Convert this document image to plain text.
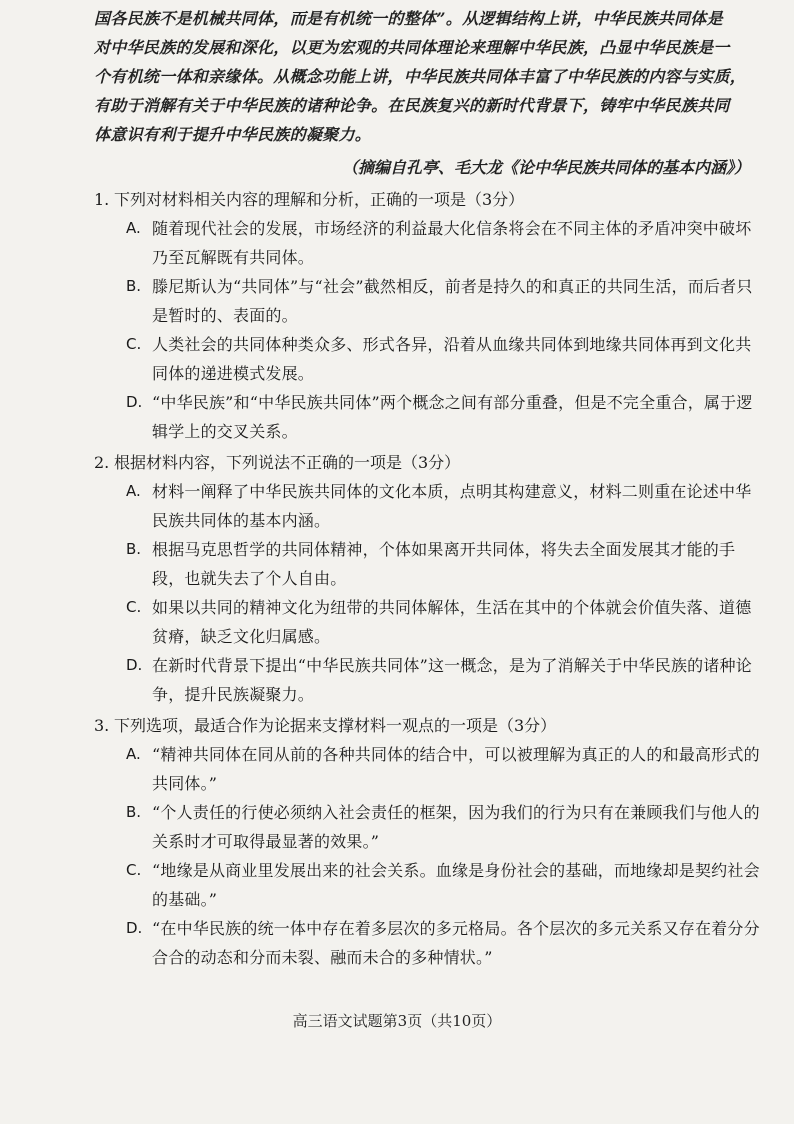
国各民族不是机械共同体，而是有机统一的整体”。从逻辑结构上讲，中华民族共同体是
对中华民族的发展和深化，以更为宏观的共同体理论来理解中华民族，凸显中华民族是一
个有机统一体和亲缘体。从概念功能上讲，中华民族共同体丰富了中华民族的内容与实质，
有助于消解有关于中华民族的诸种论争。在民族复兴的新时代背景下，铸牢中华民族共同
体意识有利于提升中华民族的凝聚力。
（摘编自孔亭、毛大龙《论中华民族共同体的基本内涵》）
1. 下列对材料相关内容的理解和分析，正确的一项是（3分）
A. 随着现代社会的发展，市场经济的利益最大化信条将会在不同主体的矛盾冲突中破坏乃至瓦解既有共同体。
B. 滕尼斯认为“共同体”与“社会”截然相反，前者是持久的和真正的共同生活，而后者只是暂时的、表面的。
C. 人类社会的共同体种类众多、形式各异，沿着从血缘共同体到地缘共同体再到文化共同体的递进模式发展。
D. “中华民族”和“中华民族共同体”两个概念之间有部分重叠，但是不完全重合，属于逻辑学上的交叉关系。
2. 根据材料内容，下列说法不正确的一项是（3分）
A. 材料一阐释了中华民族共同体的文化本质，点明其构建意义，材料二则重在论述中华民族共同体的基本内涵。
B. 根据马克思哲学的共同体精神，个体如果离开共同体，将失去全面发展其才能的手段，也就失去了个人自由。
C. 如果以共同的精神文化为纽带的共同体解体，生活在其中的个体就会价值失落、道德贫瘠，缺乏文化归属感。
D. 在新时代背景下提出“中华民族共同体”这一概念，是为了消解关于中华民族的诸种论争，提升民族凝聚力。
3. 下列选项，最适合作为论据来支撑材料一观点的一项是（3分）
A. “精神共同体在同从前的各种共同体的结合中，可以被理解为真正的人的和最高形式的共同体。”
B. “个人责任的行使必须纳入社会责任的框架，因为我们的行为只有在兼顾我们与他人的关系时才可取得最显著的效果。”
C. “地缘是从商业里发展出来的社会关系。血缘是身份社会的基础，而地缘却是契约社会的基础。”
D. “在中华民族的统一体中存在着多层次的多元格局。各个层次的多元关系又存在着分分合合的动态和分而未裂、融而未合的多种情状。”
高三语文试题第3页（共10页）
